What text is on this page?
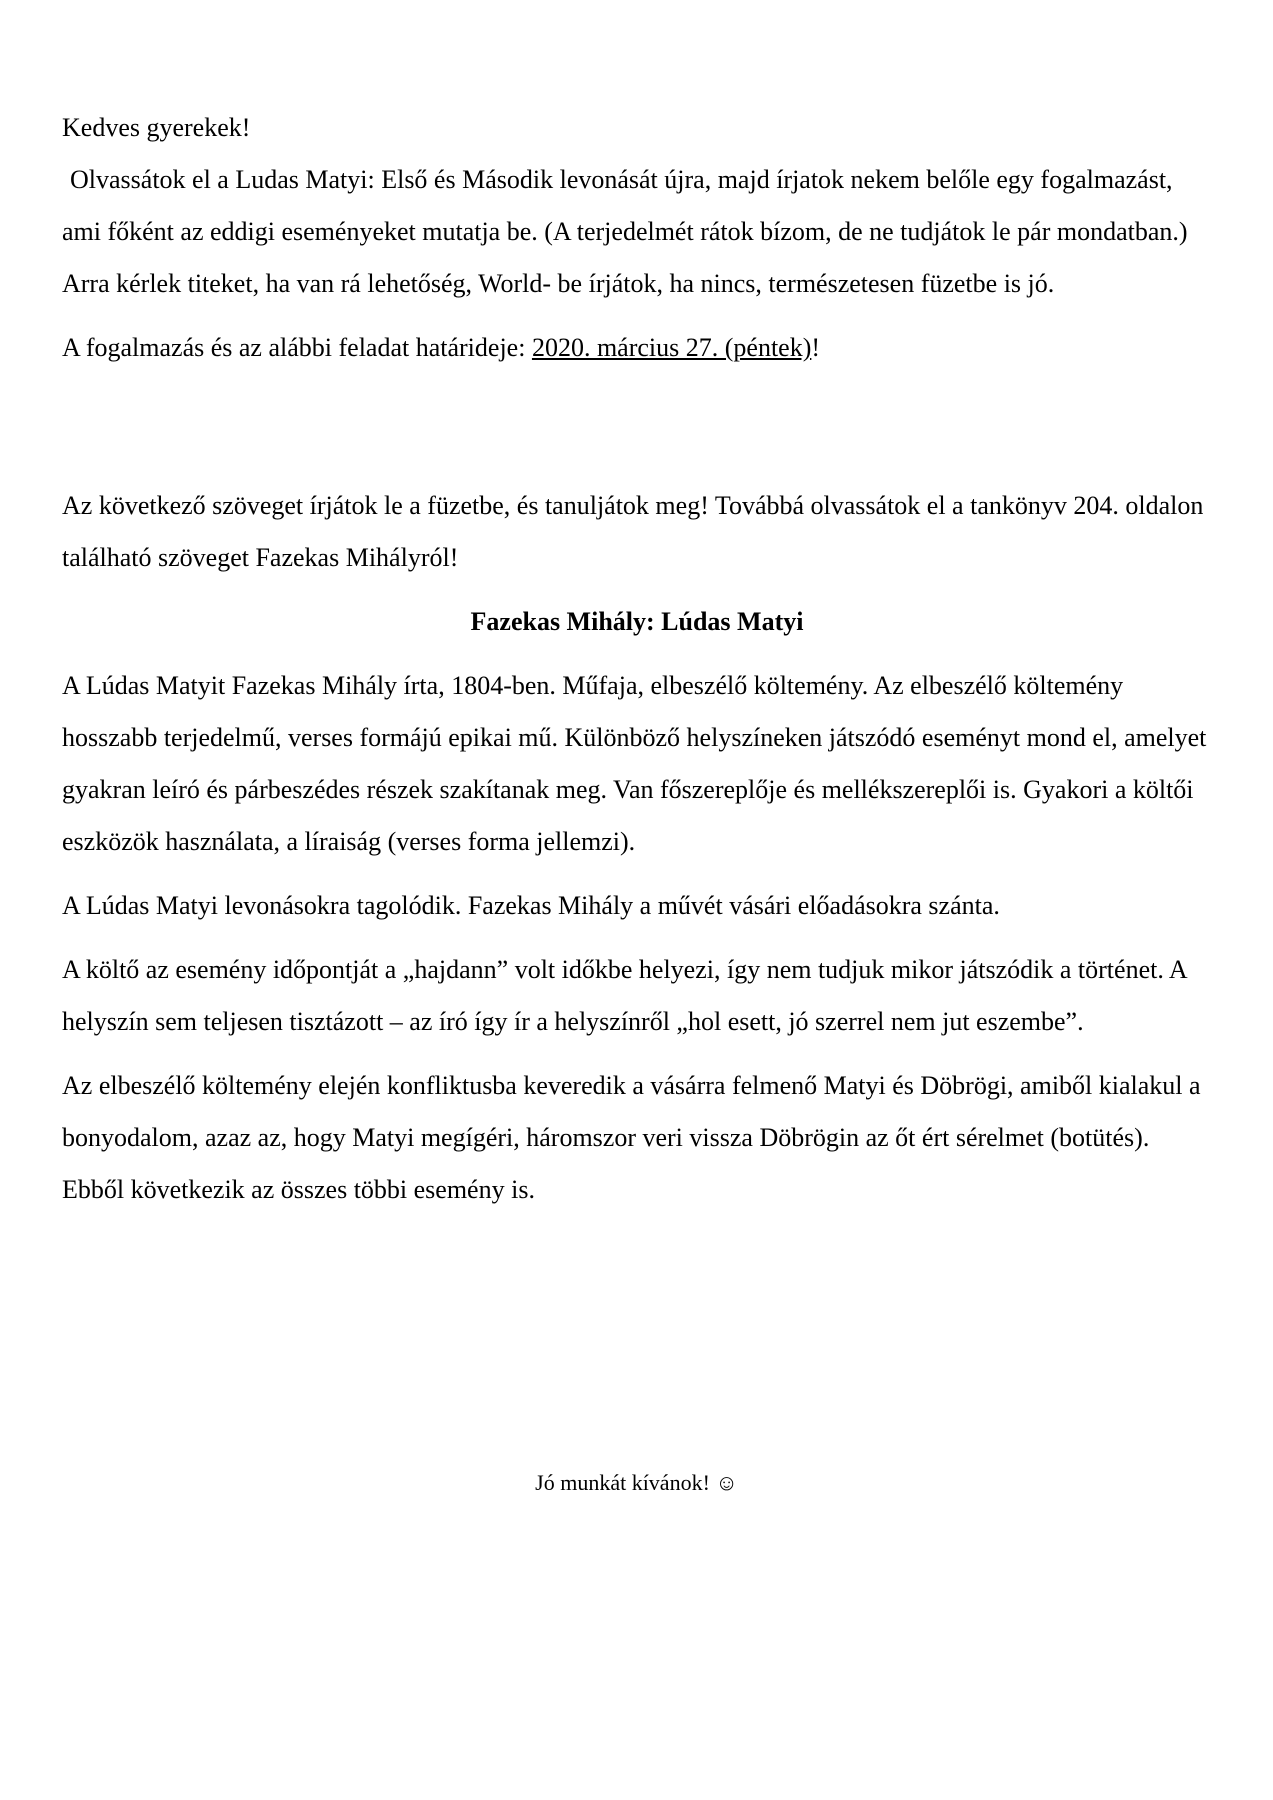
Kedves gyerekek!

Olvassátok el a Ludas Matyi: Első és Második levonását újra, majd írjatok nekem belőle egy fogalmazást, ami főként az eddigi eseményeket mutatja be. (A terjedelmét rátok bízom, de ne tudjátok le pár mondatban.) Arra kérlek titeket, ha van rá lehetőség, World- be írjátok, ha nincs, természetesen füzetbe is jó.

A fogalmazás és az alábbi feladat határideje: 2020. március 27. (péntek)!

Az következő szöveget írjátok le a füzetbe, és tanuljátok meg! Továbbá olvassátok el a tankönyv 204. oldalon található szöveget Fazekas Mihályról!

Fazekas Mihály: Lúdas Matyi

A Lúdas Matyit Fazekas Mihály írta, 1804-ben. Műfaja, elbeszélő költemény. Az elbeszélő költemény hosszabb terjedelmű, verses formájú epikai mű. Különböző helyszíneken játszódó eseményt mond el, amelyet gyakran leíró és párbeszédes részek szakítanak meg. Van főszereplője és mellékszereplői is. Gyakori a költői eszközök használata, a líraiság (verses forma jellemzi).

A Lúdas Matyi levonásokra tagolódik. Fazekas Mihály a művét vásári előadásokra szánta.

A költő az esemény időpontját a „hajdann” volt időkbe helyezi, így nem tudjuk mikor játszódik a történet. A helyszín sem teljesen tisztázott – az író így ír a helyszínről „hol esett, jó szerrel nem jut eszembe”.

Az elbeszélő költemény elején konfliktusba keveredik a vásárra felmenő Matyi és Döbrögi, amiből kialakul a bonyodalom, azaz az, hogy Matyi megígéri, háromszor veri vissza Döbrögin az őt ért sérelmet (botütés). Ebből következik az összes többi esemény is.

Jó munkát kívánok! ☺
